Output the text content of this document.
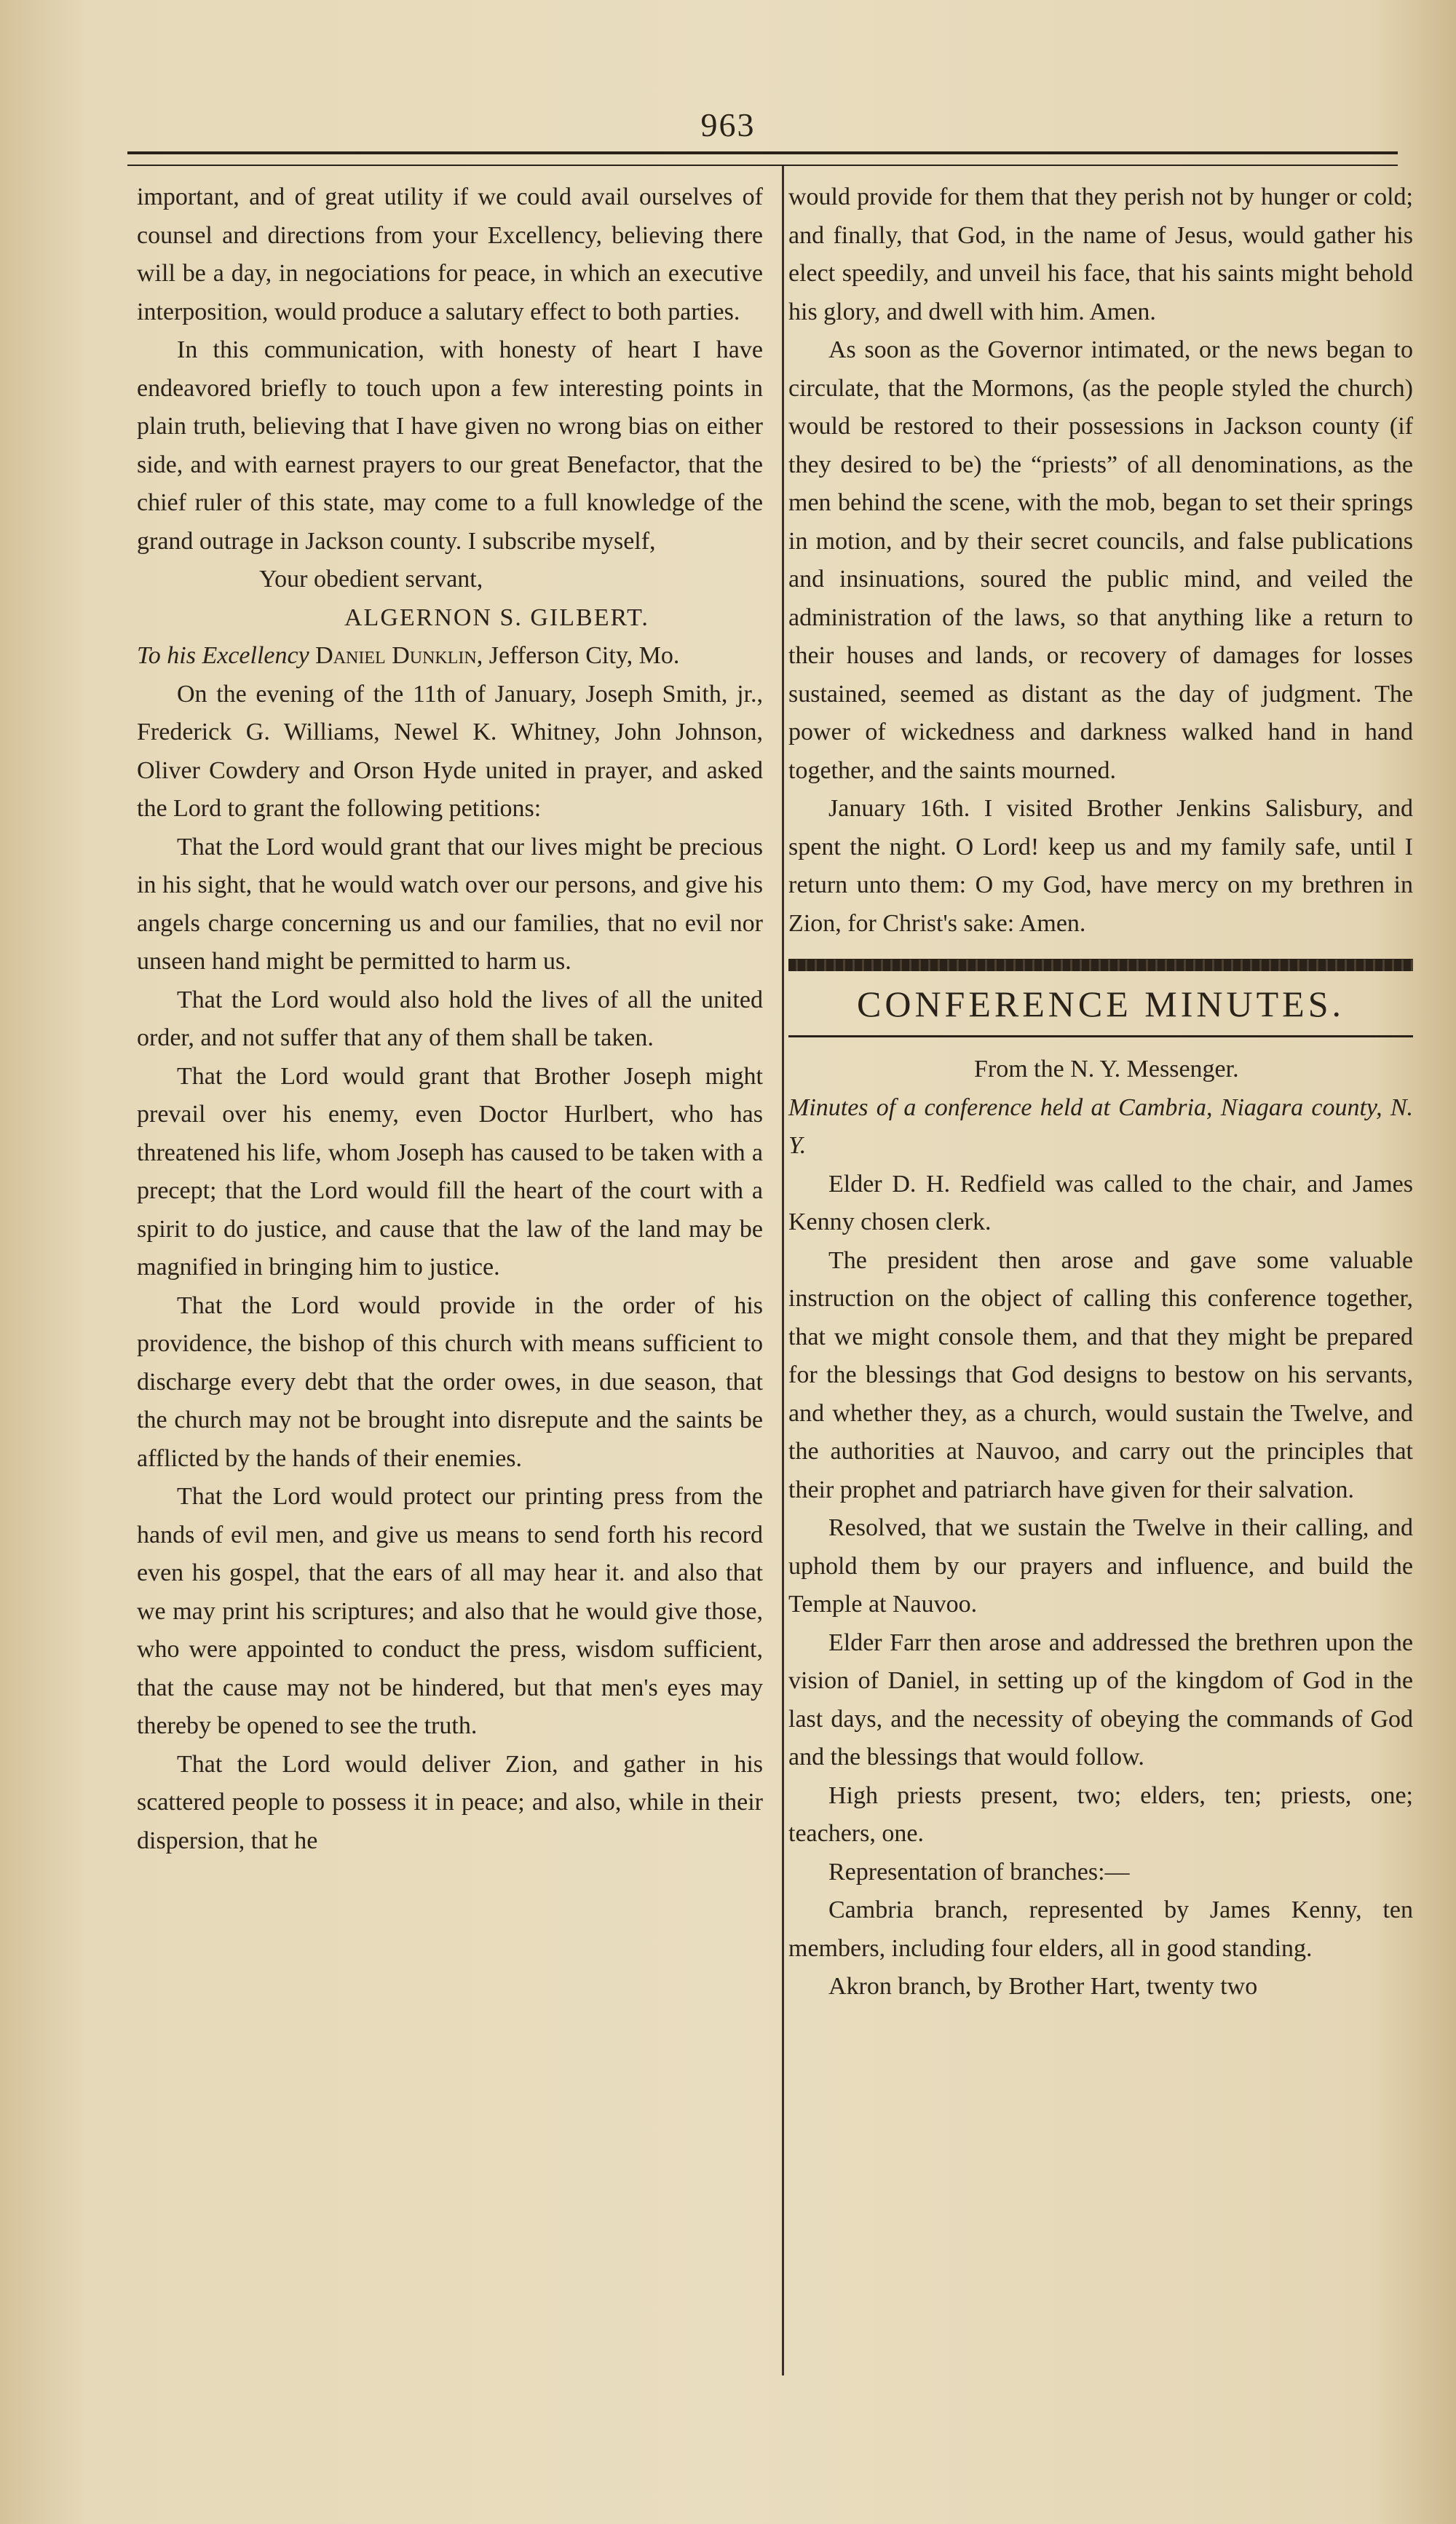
963

important, and of great utility if we could avail ourselves of counsel and directions from your Excellency, believing there will be a day, in negociations for peace, in which an executive interposition, would produce a salutary effect to both parties.

In this communication, with honesty of heart I have endeavored briefly to touch upon a few interesting points in plain truth, believing that I have given no wrong bias on either side, and with earnest prayers to our great Benefactor, that the chief ruler of this state, may come to a full knowledge of the grand outrage in Jackson county. I subscribe myself,

Your obedient servant,

ALGERNON S. GILBERT.

To his Excellency Daniel Dunklin, Jefferson City, Mo.

On the evening of the 11th of January, Joseph Smith, jr., Frederick G. Williams, Newel K. Whitney, John Johnson, Oliver Cowdery and Orson Hyde united in prayer, and asked the Lord to grant the following petitions:

That the Lord would grant that our lives might be precious in his sight, that he would watch over our persons, and give his angels charge concerning us and our families, that no evil nor unseen hand might be permitted to harm us.

That the Lord would also hold the lives of all the united order, and not suffer that any of them shall be taken.

That the Lord would grant that Brother Joseph might prevail over his enemy, even Doctor Hurlbert, who has threatened his life, whom Joseph has caused to be taken with a precept; that the Lord would fill the heart of the court with a spirit to do justice, and cause that the law of the land may be magnified in bringing him to justice.

That the Lord would provide in the order of his providence, the bishop of this church with means sufficient to discharge every debt that the order owes, in due season, that the church may not be brought into disrepute and the saints be afflicted by the hands of their enemies.

That the Lord would protect our printing press from the hands of evil men, and give us means to send forth his record even his gospel, that the ears of all may hear it. and also that we may print his scriptures; and also that he would give those, who were appointed to conduct the press, wisdom sufficient, that the cause may not be hindered, but that men's eyes may thereby be opened to see the truth.

That the Lord would deliver Zion, and gather in his scattered people to possess it in peace; and also, while in their dispersion, that he

would provide for them that they perish not by hunger or cold; and finally, that God, in the name of Jesus, would gather his elect speedily, and unveil his face, that his saints might behold his glory, and dwell with him. Amen.

As soon as the Governor intimated, or the news began to circulate, that the Mormons, (as the people styled the church) would be restored to their possessions in Jackson county (if they desired to be) the “priests” of all denominations, as the men behind the scene, with the mob, began to set their springs in motion, and by their secret councils, and false publications and insinuations, soured the public mind, and veiled the administration of the laws, so that anything like a return to their houses and lands, or recovery of damages for losses sustained, seemed as distant as the day of judgment. The power of wickedness and darkness walked hand in hand together, and the saints mourned.

January 16th. I visited Brother Jenkins Salisbury, and spent the night. O Lord! keep us and my family safe, until I return unto them: O my God, have mercy on my brethren in Zion, for Christ's sake: Amen.

CONFERENCE MINUTES.

From the N. Y. Messenger.

Minutes of a conference held at Cambria, Niagara county, N. Y.

Elder D. H. Redfield was called to the chair, and James Kenny chosen clerk.

The president then arose and gave some valuable instruction on the object of calling this conference together, that we might console them, and that they might be prepared for the blessings that God designs to bestow on his servants, and whether they, as a church, would sustain the Twelve, and the authorities at Nauvoo, and carry out the principles that their prophet and patriarch have given for their salvation.

Resolved, that we sustain the Twelve in their calling, and uphold them by our prayers and influence, and build the Temple at Nauvoo.

Elder Farr then arose and addressed the brethren upon the vision of Daniel, in setting up of the kingdom of God in the last days, and the necessity of obeying the commands of God and the blessings that would follow.

High priests present, two; elders, ten; priests, one; teachers, one.

Representation of branches:—

Cambria branch, represented by James Kenny, ten members, including four elders, all in good standing.

Akron branch, by Brother Hart, twenty two
